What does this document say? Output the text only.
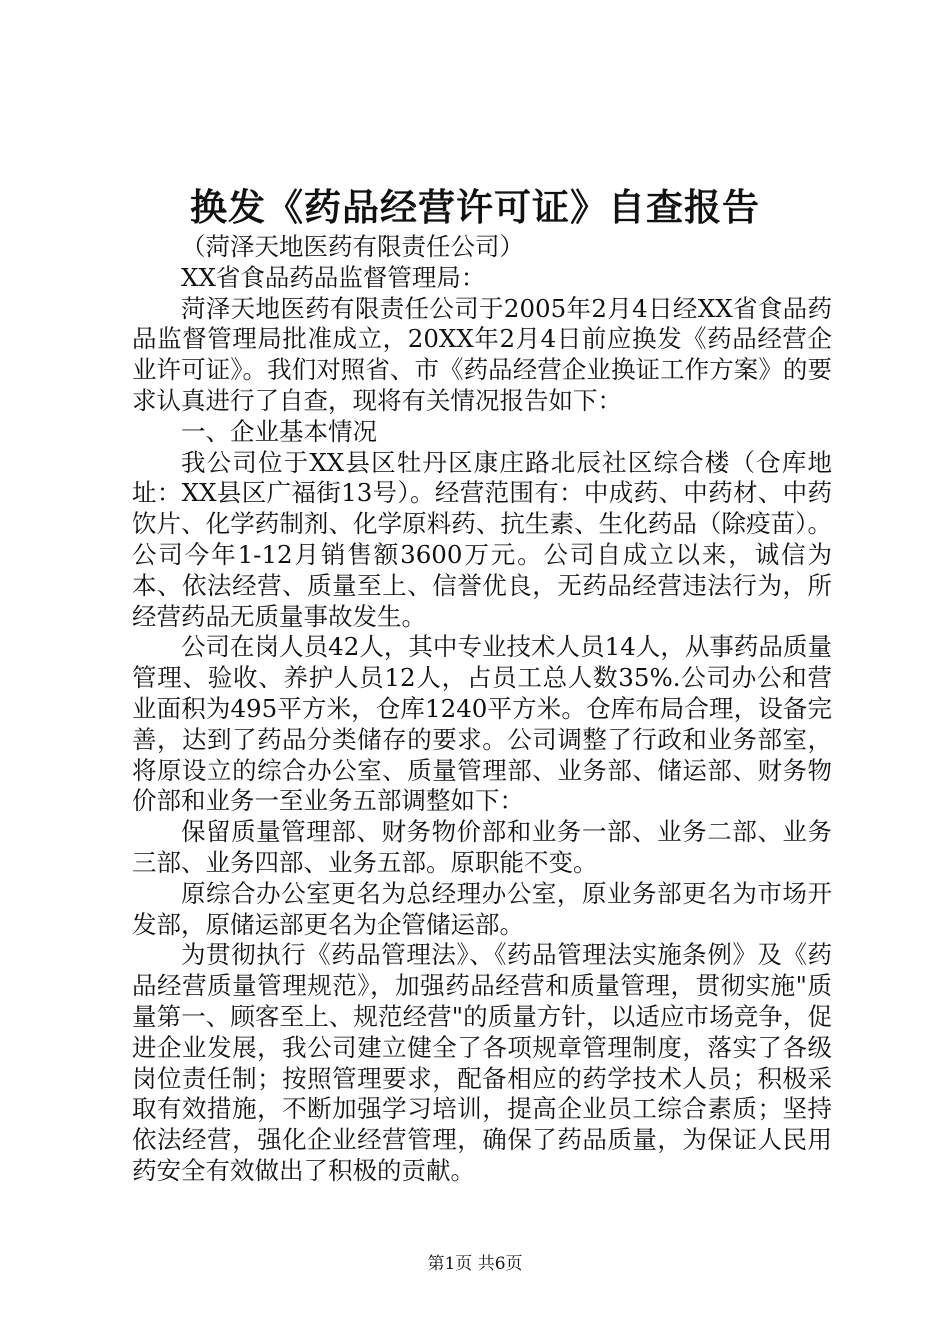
换发《药品经营许可证》自查报告

（菏泽天地医药有限责任公司）

XX省食品药品监督管理局：

菏泽天地医药有限责任公司于2005年2月4日经XX省食品药品监督管理局批准成立，20XX年2月4日前应换发《药品经营企业许可证》。我们对照省、市《药品经营企业换证工作方案》的要求认真进行了自查，现将有关情况报告如下：

一、企业基本情况

我公司位于XX县区牡丹区康庄路北辰社区综合楼（仓库地址：XX县区广福街13号）。经营范围有：中成药、中药材、中药饮片、化学药制剂、化学原料药、抗生素、生化药品（除疫苗）。公司今年1-12月销售额3600万元。公司自成立以来，诚信为本、依法经营、质量至上、信誉优良，无药品经营违法行为，所经营药品无质量事故发生。

公司在岗人员42人，其中专业技术人员14人，从事药品质量管理、验收、养护人员12人，占员工总人数35%.公司办公和营业面积为495平方米，仓库1240平方米。仓库布局合理，设备完善，达到了药品分类储存的要求。公司调整了行政和业务部室，将原设立的综合办公室、质量管理部、业务部、储运部、财务物价部和业务一至业务五部调整如下：

保留质量管理部、财务物价部和业务一部、业务二部、业务三部、业务四部、业务五部。原职能不变。

原综合办公室更名为总经理办公室，原业务部更名为市场开发部，原储运部更名为企管储运部。

为贯彻执行《药品管理法》、《药品管理法实施条例》及《药品经营质量管理规范》，加强药品经营和质量管理，贯彻实施"质量第一、顾客至上、规范经营"的质量方针，以适应市场竞争，促进企业发展，我公司建立健全了各项规章管理制度，落实了各级岗位责任制；按照管理要求，配备相应的药学技术人员；积极采取有效措施，不断加强学习培训，提高企业员工综合素质；坚持依法经营，强化企业经营管理，确保了药品质量，为保证人民用药安全有效做出了积极的贡献。

第1页 共6页
